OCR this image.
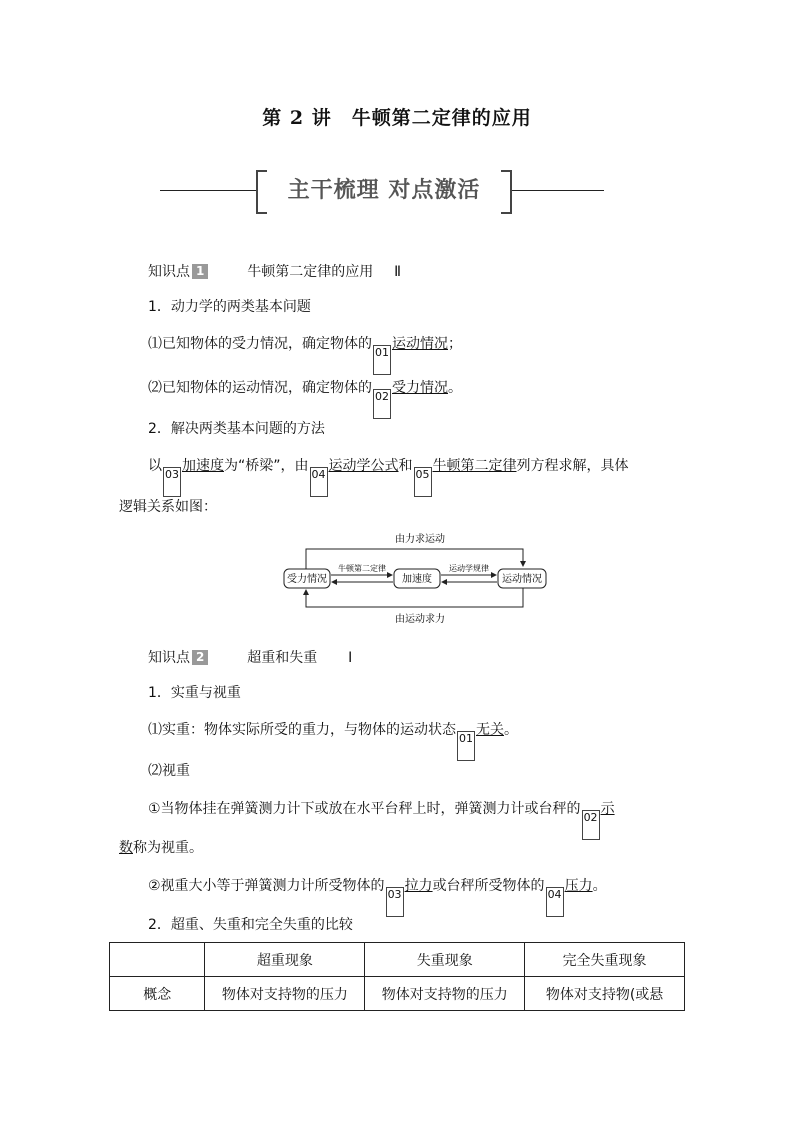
第 2 讲　牛顿第二定律的应用
主干梳理 对点激活
知识点 1	牛顿第二定律的应用 Ⅱ
1．动力学的两类基本问题
⑴已知物体的受力情况，确定物体的01运动情况；
⑵已知物体的运动情况，确定物体的02受力情况。
2．解决两类基本问题的方法
以03加速度为“桥梁”，由04运动学公式和05牛顿第二定律列方程求解，具体
逻辑关系如图：
由力求运动
由运动求力
受力情况	加速度	运动情况
牛顿第二定律	运动学规律
知识点 2	超重和失重 Ⅰ
1．实重与视重
⑴实重：物体实际所受的重力，与物体的运动状态01无关。
⑵视重
①当物体挂在弹簧测力计下或放在水平台秤上时，弹簧测力计或台秤的02示
数称为视重。
②视重大小等于弹簧测力计所受物体的03拉力或台秤所受物体的04压力。
2．超重、失重和完全失重的比较
	超重现象	失重现象	完全失重现象
概念	物体对支持物的压力	物体对支持物的压力	物体对支持物(或悬
